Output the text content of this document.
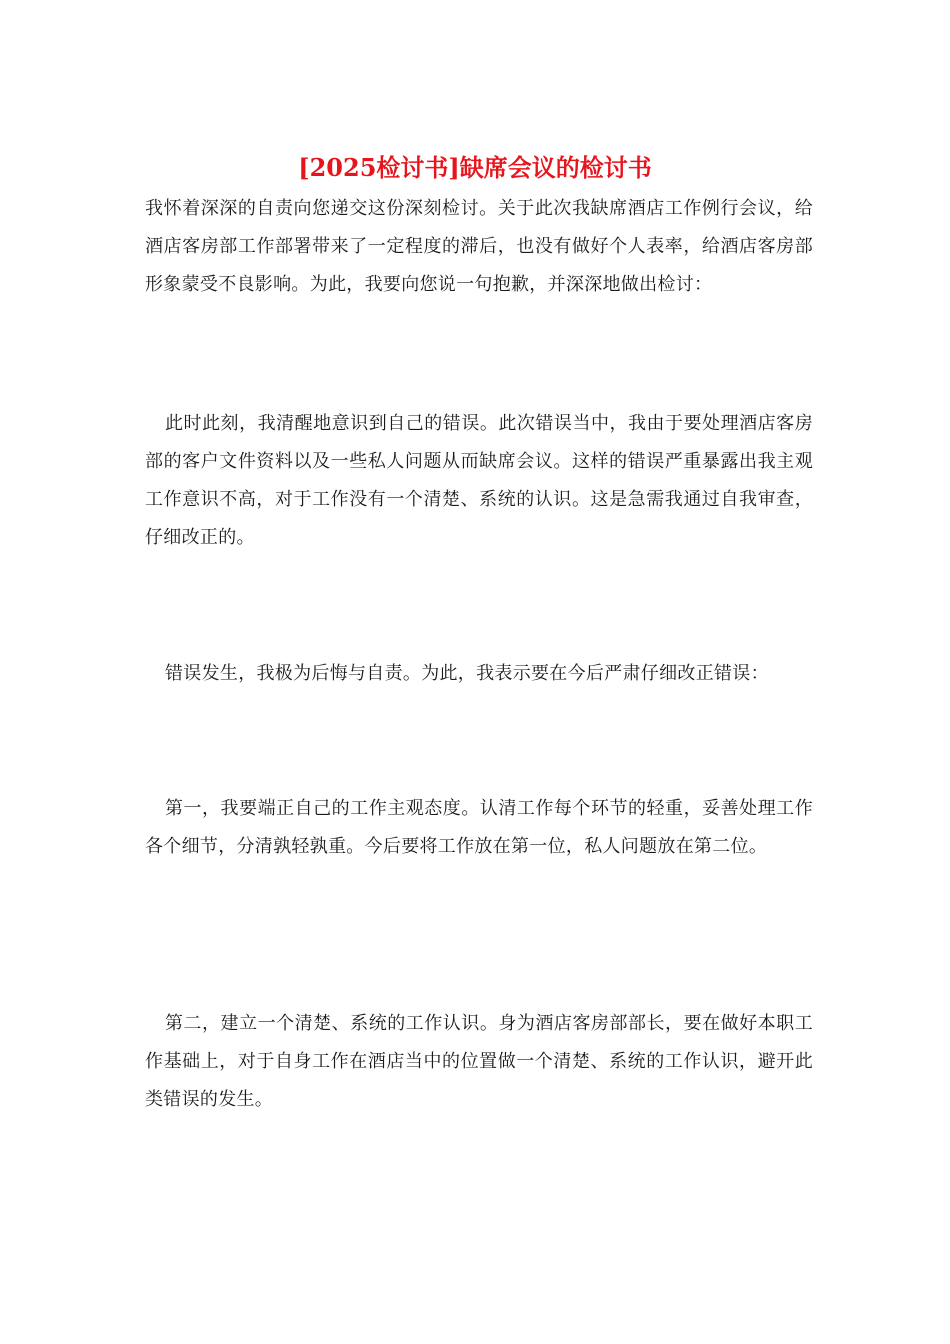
[2025检讨书]缺席会议的检讨书

我怀着深深的自责向您递交这份深刻检讨。关于此次我缺席酒店工作例行会议，给酒店客房部工作部署带来了一定程度的滞后，也没有做好个人表率，给酒店客房部形象蒙受不良影响。为此，我要向您说一句抱歉，并深深地做出检讨：

此时此刻，我清醒地意识到自己的错误。此次错误当中，我由于要处理酒店客房部的客户文件资料以及一些私人问题从而缺席会议。这样的错误严重暴露出我主观工作意识不高，对于工作没有一个清楚、系统的认识。这是急需我通过自我审查，仔细改正的。

错误发生，我极为后悔与自责。为此，我表示要在今后严肃仔细改正错误：

第一，我要端正自己的工作主观态度。认清工作每个环节的轻重，妥善处理工作各个细节，分清孰轻孰重。今后要将工作放在第一位，私人问题放在第二位。

第二，建立一个清楚、系统的工作认识。身为酒店客房部部长，要在做好本职工作基础上，对于自身工作在酒店当中的位置做一个清楚、系统的工作认识，避开此类错误的发生。
